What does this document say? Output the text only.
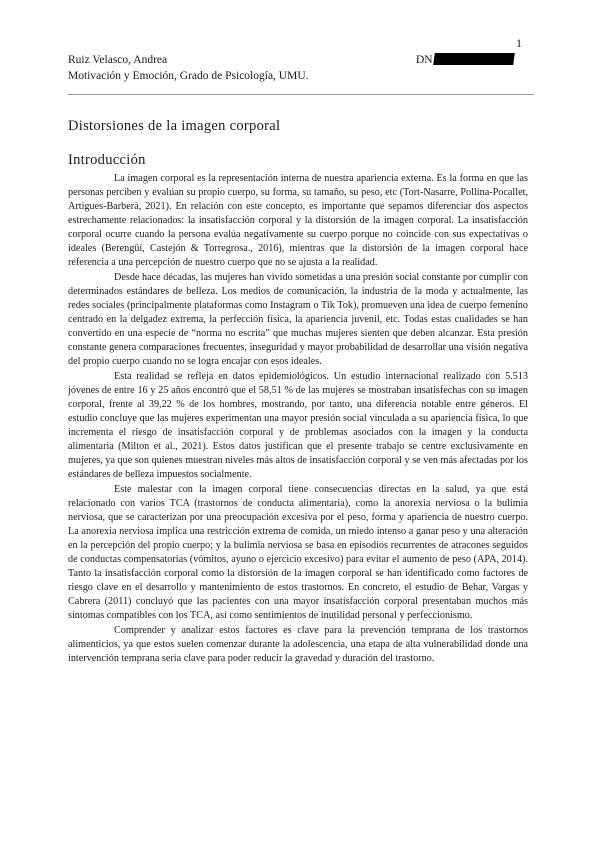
1
Ruiz Velasco, Andrea	DN
Motivación y Emoción, Grado de Psicología, UMU.
Distorsiones de la imagen corporal
Introducción

La imagen corporal es la representación interna de nuestra apariencia externa. Es la forma en que las personas perciben y evalúan su propio cuerpo, su forma, su tamaño, su peso, etc (Tort-Nasarre, Pollina-Pocallet, Artigues-Barberà, 2021). En relación con este concepto, es importante que sepamos diferenciar dos aspectos estrechamente relacionados: la insatisfacción corporal y la distorsión de la imagen corporal. La insatisfacción corporal ocurre cuando la persona evalúa negativamente su cuerpo porque no coincide con sus expectativas o ideales (Berengüí, Castejón & Torregrosa., 2016), mientras que la distorsión de la imagen corporal hace referencia a una percepción de nuestro cuerpo que no se ajusta a la realidad.

Desde hace décadas, las mujeres han vivido sometidas a una presión social constante por cumplir con determinados estándares de belleza. Los medios de comunicación, la industria de la moda y actualmente, las redes sociales (principalmente plataformas como Instagram o Tik Tok), promueven una idea de cuerpo femenino centrado en la delgadez extrema, la perfección física, la apariencia juvenil, etc. Todas estas cualidades se han convertido en una especie de “norma no escrita” que muchas mujeres sienten que deben alcanzar. Esta presión constante genera comparaciones frecuentes, inseguridad y mayor probabilidad de desarrollar una visión negativa del propio cuerpo cuando no se logra encajar con esos ideales.

Esta realidad se refleja en datos epidemiológicos. Un estudio internacional realizado con 5.513 jóvenes de entre 16 y 25 años encontró que el 58,51 % de las mujeres se mostraban insatisfechas con su imagen corporal, frente al 39,22 % de los hombres, mostrando, por tanto, una diferencia notable entre géneros. El estudio concluye que las mujeres experimentan una mayor presión social vinculada a su apariencia física, lo que incrementa el riesgo de insatisfacción corporal y de problemas asociados con la imagen y la conducta alimentaria (Milton et al., 2021). Estos datos justifican que el presente trabajo se centre exclusivamente en mujeres, ya que son quienes muestran niveles más altos de insatisfacción corporal y se ven más afectadas por los estándares de belleza impuestos socialmente.

Este malestar con la imagen corporal tiene consecuencias directas en la salud, ya que está relacionado con varios TCA (trastornos de conducta alimentaria), como la anorexia nerviosa o la bulimia nerviosa, que se caracterizan por una preocupación excesiva por el peso, forma y apariencia de nuestro cuerpo. La anorexia nerviosa implica una restricción extrema de comida, un miedo intenso a ganar peso y una alteración en la percepción del propio cuerpo; y la bulimia nerviosa se basa en episodios recurrentes de atracones seguidos de conductas compensatorias (vómitos, ayuno o ejercicio excesivo) para evitar el aumento de peso (APA, 2014). Tanto la insatisfacción corporal como la distorsión de la imagen corporal se han identificado como factores de riesgo clave en el desarrollo y mantenimiento de estos trastornos. En concreto, el estudio de Behar, Vargas y Cabrera (2011) concluyó que las pacientes con una mayor insatisfacción corporal presentaban muchos más síntomas compatibles con los TCA, así como sentimientos de inutilidad personal y perfeccionismo.

Comprender y analizar estos factores es clave para la prevención temprana de los trastornos alimenticios, ya que estos suelen comenzar durante la adolescencia, una etapa de alta vulnerabilidad donde una intervención temprana sería clave para poder reducir la gravedad y duración del trastorno.
